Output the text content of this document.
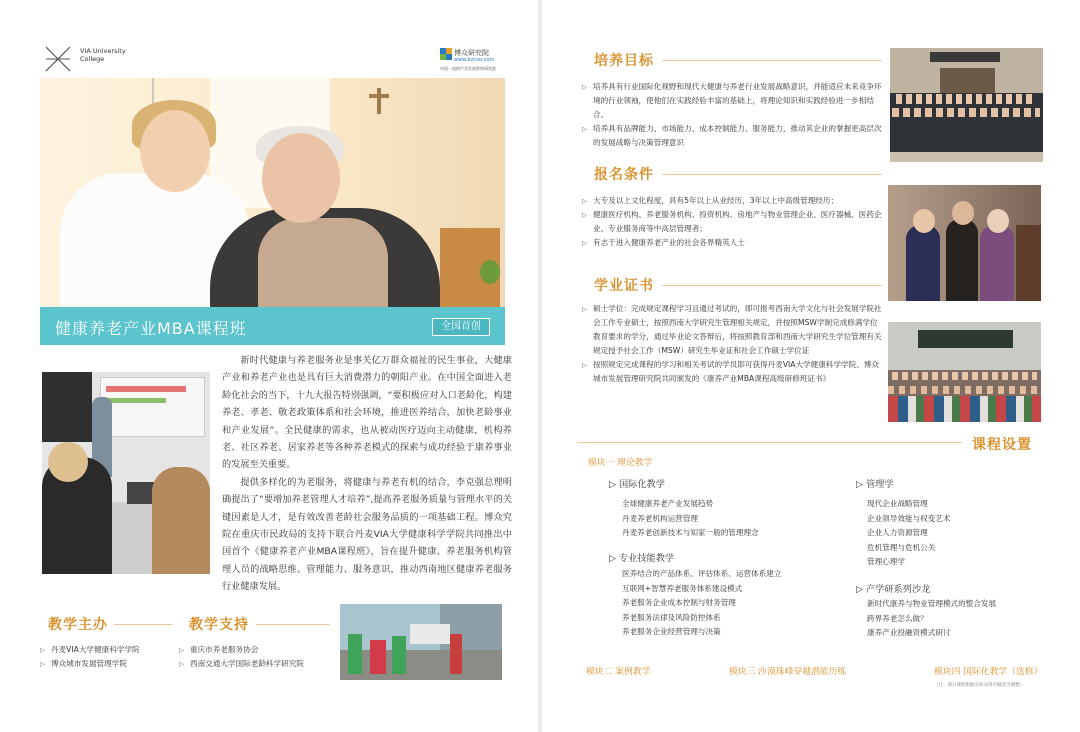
VIA University
College
博众研究院
www.bzcoo.com
中国一流的产业发展智库研究院
健康养老产业MBA课程班	全国首创

新时代健康与养老服务业是事关亿万群众福祉的民生事业，大健康产业和养老产业也是具有巨大消费潜力的朝阳产业。在中国全面进入老龄化社会的当下，十九大报告特别强调，“要积极应对人口老龄化，构建养老、孝老、敬老政策体系和社会环境，推进医养结合，加快老龄事业和产业发展”。全民健康的需求，也从被动医疗迈向主动健康，机构养老、社区养老、居家养老等各种养老模式的探索与成功经验于康养事业的发展至关重要。

提供多样化的为老服务，将健康与养老有机的结合，李克强总理明确提出了“要增加养老管理人才培养”,提高养老服务质量与管理水平的关键因素是人才，是有效改善老龄社会服务品质的一项基础工程。博众究院在重庆市民政局的支持下联合丹麦VIA大学健康科学学院共同推出中国首个《健康养老产业MBA课程班》，旨在提升健康、养老服务机构管理人员的战略思维、管理能力、服务意识，推动西南地区健康养老服务行业健康发展。

教学主办
▷ 丹麦VIA大学健康科学学院
▷ 博众城市发展管理学院
教学支持
▷ 重庆市养老服务协会
▷ 西南交通大学国际老龄科学研究院
培养目标
▷ 培养具有行业国际化视野和现代大健康与养老行业发展战略意识，并能适应未来竞争环境的行业领袖，使他们在实践经验丰富的基础上，将理论知识和实践经验进一步相结合。
▷ 培养具有品牌能力、市场能力、成本控制能力、服务能力，推动其企业的掌握更高层次的发展战略与决策管理意识
报名条件
▷ 大专及以上文化程度，具有5年以上从业经历，3年以上中高级管理经历；
▷ 健康医疗机构、养老服务机构、投资机构、房地产与物业管理企业、医疗器械、医药企业、专业服务商等中高层管理者；
▷ 有志于进入健康养老产业的社会各界精英人士
学业证书
▷ 硕士学位：完成规定课程学习且通过考试的，即可报考西南大学文化与社会发展学院社会工作专业硕士，按照西南大学研究生管理相关规定，并按照MSW学制完成修满学位教育要求的学分，通过毕业论文答辩后，将按照教育部和西南大学研究生学位管理有关规定授予社会工作（MSW）研究生毕业证和社会工作硕士学位证
▷ 按照规定完成课程的学习和相关考试的学员即可获得丹麦VIA大学健康科学学院、博众城市发展管理研究院共同颁发的《康养产业MBA课程高级研修班证书》
课程设置
模块一 理论教学
▷ 国际化教学
全球健康养老产业发展趋势
丹麦养老机构运营管理
丹麦养老创新技术与知家一般的管理理念
▷ 专业技能教学
医养结合的产品体系、评估体系、运营体系建立
互联网+智慧养老服务体系建设模式
养老服务企业成本控制与财务管理
养老服务法律及风险防控体系
养老服务企业经营管理与决策
▷ 管理学
现代企业战略管理
企业领导效能与权变艺术
企业人力资源管理
危机管理与危机公关
管理心理学
▷ 产学研系列沙龙
新时代康养与物业管理模式的整合发展
跨界养老怎么做？
康养产业投融资模式研讨
模块二 案例教学	模块三 沙漠珠峰穿越潜能历练	模块四 国际化教学（选修）
（注：部分课程根据实际安排可做适当调整）
